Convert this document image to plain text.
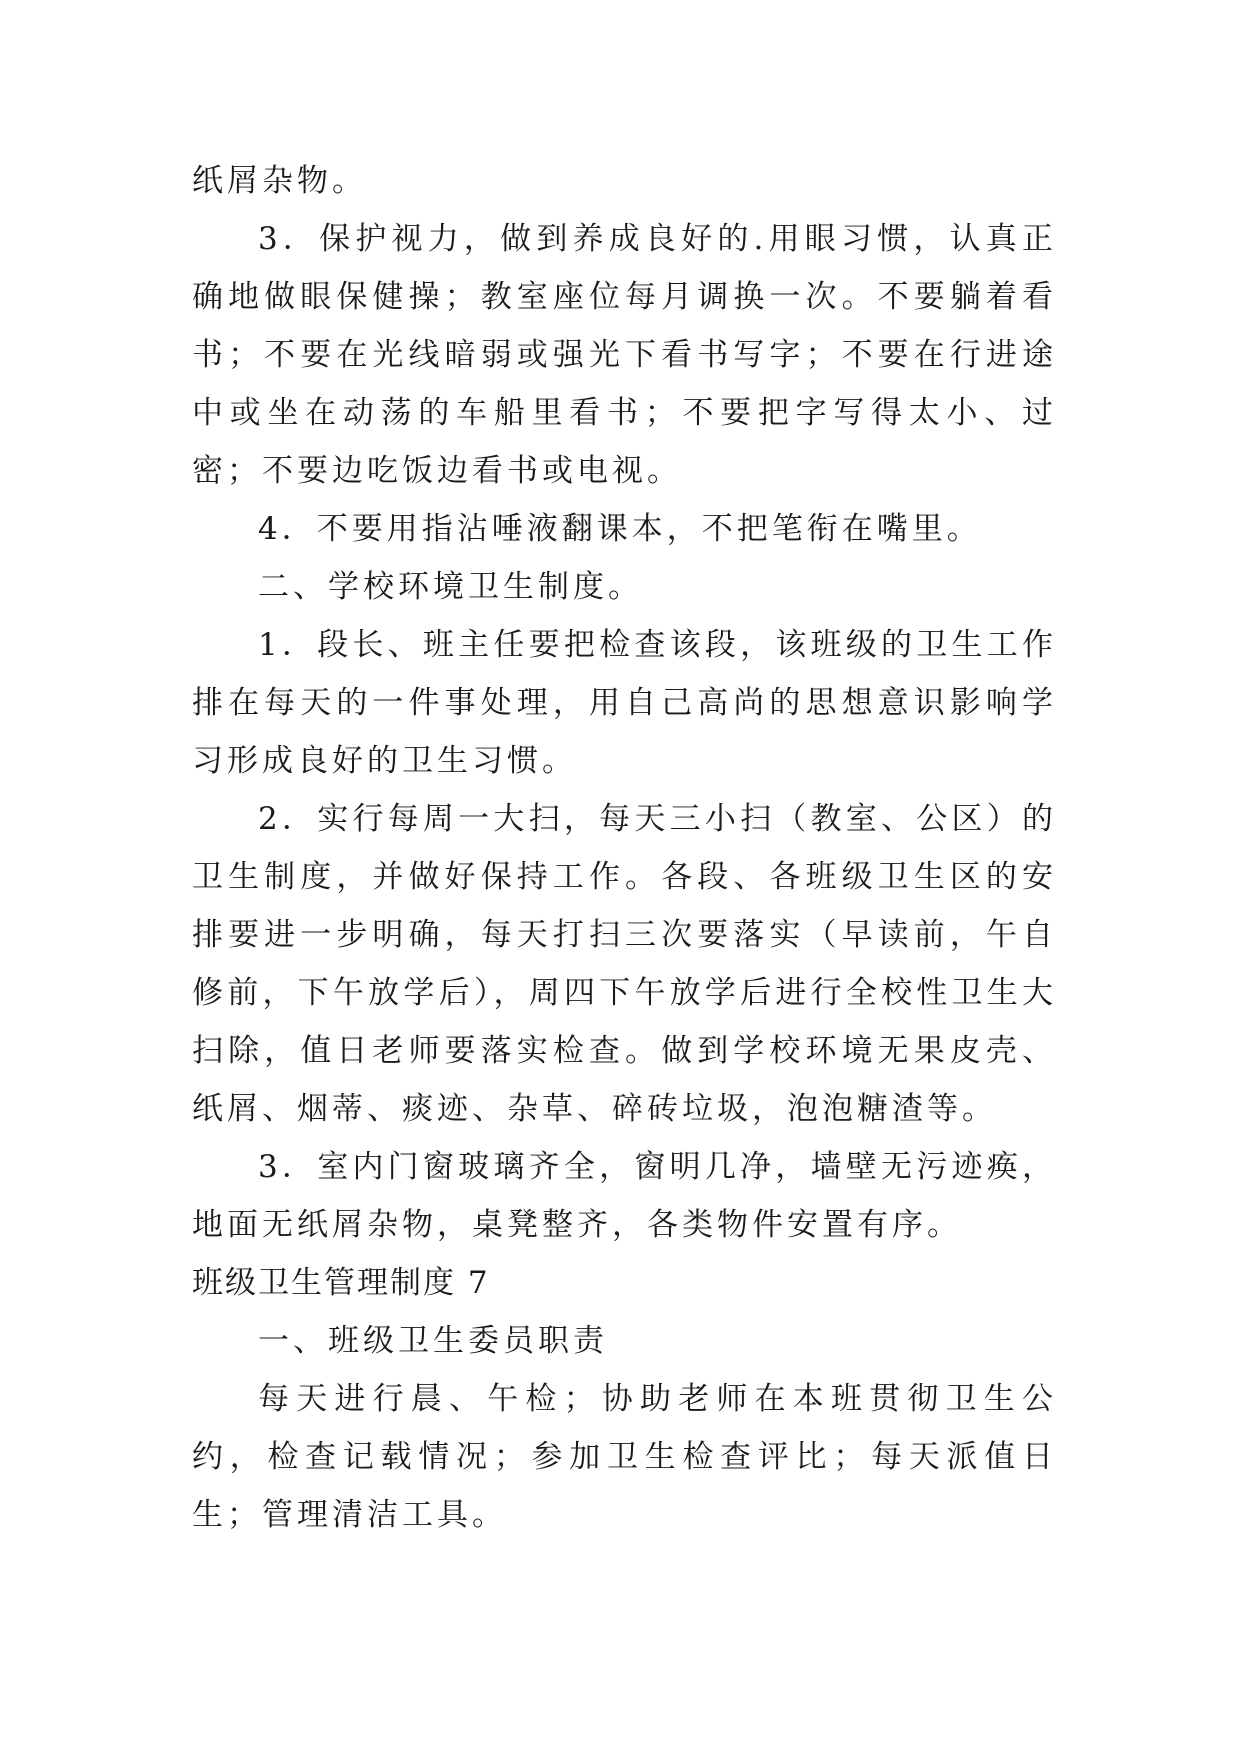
纸屑杂物。

3．保护视力，做到养成良好的.用眼习惯，认真正确地做眼保健操；教室座位每月调换一次。不要躺着看书；不要在光线暗弱或强光下看书写字；不要在行进途中或坐在动荡的车船里看书；不要把字写得太小、过密；不要边吃饭边看书或电视。

4．不要用指沾唾液翻课本，不把笔衔在嘴里。

二、学校环境卫生制度。

1．段长、班主任要把检查该段，该班级的卫生工作排在每天的一件事处理，用自己高尚的思想意识影响学习形成良好的卫生习惯。

2．实行每周一大扫，每天三小扫（教室、公区）的卫生制度，并做好保持工作。各段、各班级卫生区的安排要进一步明确，每天打扫三次要落实（早读前，午自修前，下午放学后），周四下午放学后进行全校性卫生大扫除，值日老师要落实检查。做到学校环境无果皮壳、纸屑、烟蒂、痰迹、杂草、碎砖垃圾，泡泡糖渣等。

3．室内门窗玻璃齐全，窗明几净，墙壁无污迹痪，地面无纸屑杂物，桌凳整齐，各类物件安置有序。

班级卫生管理制度 7

一、班级卫生委员职责

每天进行晨、午检；协助老师在本班贯彻卫生公约，检查记载情况；参加卫生检查评比；每天派值日生；管理清洁工具。
